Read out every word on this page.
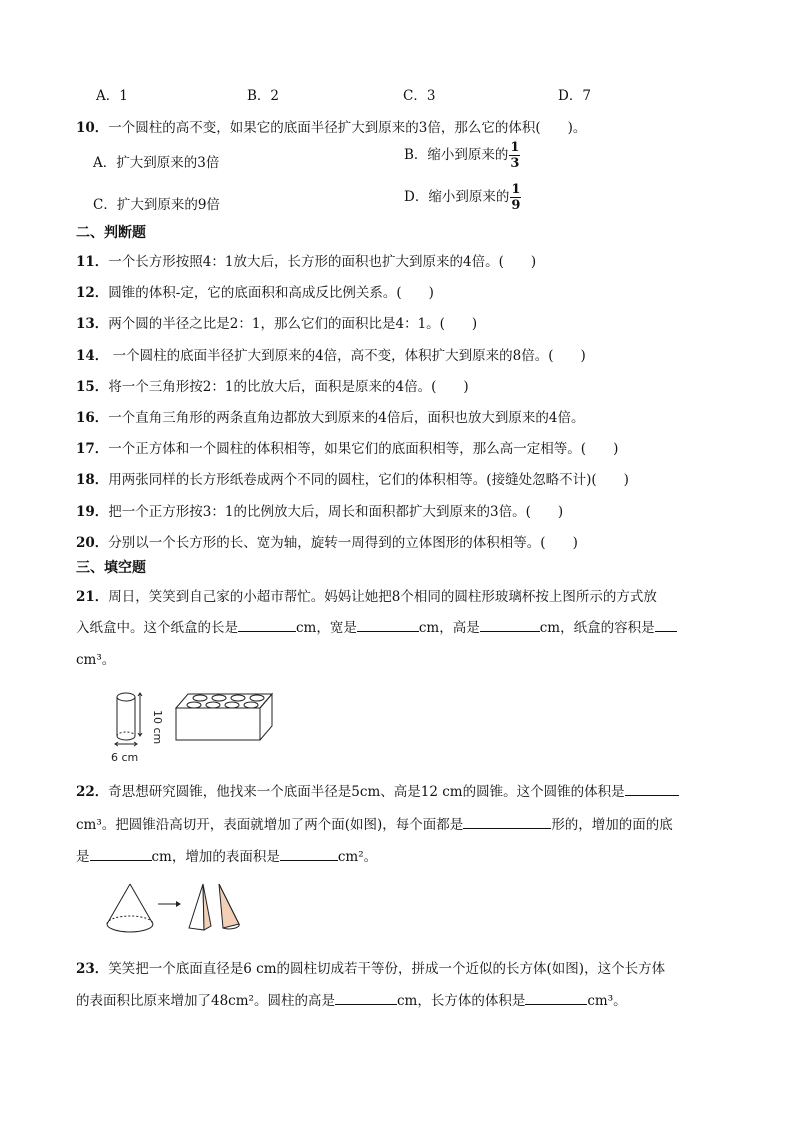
A．1	B．2	C．3	D．7
10．一个圆柱的高不变，如果它的底面半径扩大到原来的3倍，那么它的体积(　　)。
A．扩大到原来的3倍	B．缩小到原来的 $\frac{1}{3}$
C．扩大到原来的9倍	D．缩小到原来的 $\frac{1}{9}$
二、判断题
11．一个长方形按照4：1放大后，长方形的面积也扩大到原来的4倍。(　　)
12．圆锥的体积-定，它的底面积和高成反比例关系。(　　)
13．两个圆的半径之比是2：1，那么它们的面积比是4：1。(　　)
14． 一个圆柱的底面半径扩大到原来的4倍，高不变，体积扩大到原来的8倍。(　　)
15．将一个三角形按2：1的比放大后，面积是原来的4倍。(　　)
16．一个直角三角形的两条直角边都放大到原来的4倍后，面积也放大到原来的4倍。
17．一个正方体和一个圆柱的体积相等，如果它们的底面积相等，那么高一定相等。(　　)
18．用两张同样的长方形纸卷成两个不同的圆柱，它们的体积相等。(接缝处忽略不计)(　　)
19．把一个正方形按3：1的比例放大后，周长和面积都扩大到原来的3倍。(　　)
20．分别以一个长方形的长、宽为轴，旋转一周得到的立体图形的体积相等。(　　)
三、填空题
21．周日，笑笑到自己家的小超市帮忙。妈妈让她把8个相同的圆柱形玻璃杯按上图所示的方式放
入纸盒中。这个纸盒的长是	cm，宽是	cm，高是	cm，纸盒的容积是
cm³。
10 cm
6 cm
22．奇思想研究圆锥，他找来一个底面半径是5cm、高是12 cm的圆锥。这个圆锥的体积是
cm³。把圆锥沿高切开，表面就增加了两个面(如图)，每个面都是	形的，增加的面的底
是	cm，增加的表面积是	cm²。
23．笑笑把一个底面直径是6 cm的圆柱切成若干等份，拼成一个近似的长方体(如图)，这个长方体
的表面积比原来增加了48cm²。圆柱的高是	cm，长方体的体积是	cm³。
